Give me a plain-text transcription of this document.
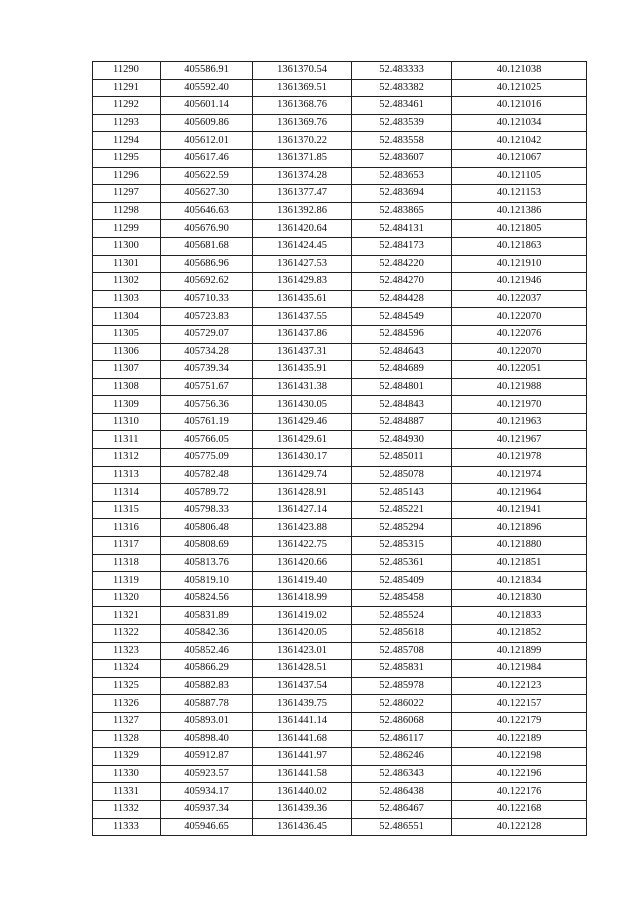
11290	405586.91	1361370.54	52.483333	40.121038
11291	405592.40	1361369.51	52.483382	40.121025
11292	405601.14	1361368.76	52.483461	40.121016
11293	405609.86	1361369.76	52.483539	40.121034
11294	405612.01	1361370.22	52.483558	40.121042
11295	405617.46	1361371.85	52.483607	40.121067
11296	405622.59	1361374.28	52.483653	40.121105
11297	405627.30	1361377.47	52.483694	40.121153
11298	405646.63	1361392.86	52.483865	40.121386
11299	405676.90	1361420.64	52.484131	40.121805
11300	405681.68	1361424.45	52.484173	40.121863
11301	405686.96	1361427.53	52.484220	40.121910
11302	405692.62	1361429.83	52.484270	40.121946
11303	405710.33	1361435.61	52.484428	40.122037
11304	405723.83	1361437.55	52.484549	40.122070
11305	405729.07	1361437.86	52.484596	40.122076
11306	405734.28	1361437.31	52.484643	40.122070
11307	405739.34	1361435.91	52.484689	40.122051
11308	405751.67	1361431.38	52.484801	40.121988
11309	405756.36	1361430.05	52.484843	40.121970
11310	405761.19	1361429.46	52.484887	40.121963
11311	405766.05	1361429.61	52.484930	40.121967
11312	405775.09	1361430.17	52.485011	40.121978
11313	405782.48	1361429.74	52.485078	40.121974
11314	405789.72	1361428.91	52.485143	40.121964
11315	405798.33	1361427.14	52.485221	40.121941
11316	405806.48	1361423.88	52.485294	40.121896
11317	405808.69	1361422.75	52.485315	40.121880
11318	405813.76	1361420.66	52.485361	40.121851
11319	405819.10	1361419.40	52.485409	40.121834
11320	405824.56	1361418.99	52.485458	40.121830
11321	405831.89	1361419.02	52.485524	40.121833
11322	405842.36	1361420.05	52.485618	40.121852
11323	405852.46	1361423.01	52.485708	40.121899
11324	405866.29	1361428.51	52.485831	40.121984
11325	405882.83	1361437.54	52.485978	40.122123
11326	405887.78	1361439.75	52.486022	40.122157
11327	405893.01	1361441.14	52.486068	40.122179
11328	405898.40	1361441.68	52.486117	40.122189
11329	405912.87	1361441.97	52.486246	40.122198
11330	405923.57	1361441.58	52.486343	40.122196
11331	405934.17	1361440.02	52.486438	40.122176
11332	405937.34	1361439.36	52.486467	40.122168
11333	405946.65	1361436.45	52.486551	40.122128
